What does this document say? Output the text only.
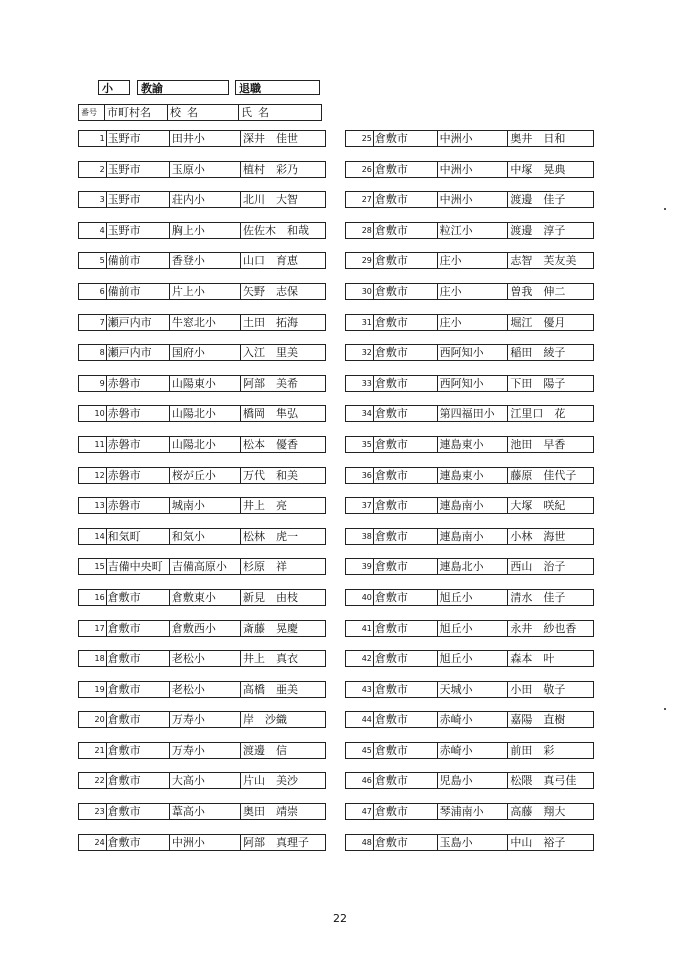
小	教諭	退職
番号 市町村名	校名	氏名
1 玉野市	田井小	深井　佳世
2 玉野市	玉原小	植村　彩乃
3 玉野市	荘内小	北川　大智
4 玉野市	胸上小	佐佐木　和哉
5 備前市	香登小	山口　育恵
6 備前市	片上小	矢野　志保
7 瀬戸内市	牛窓北小	土田　拓海
8 瀬戸内市	国府小	入江　里美
9 赤磐市	山陽東小	阿部　美希
10 赤磐市	山陽北小	橋岡　隼弘
11 赤磐市	山陽北小	松本　優香
12 赤磐市	桜が丘小	万代　和美
13 赤磐市	城南小	井上　亮
14 和気町	和気小	松林　虎一
15 吉備中央町 吉備高原小	杉原　祥
16 倉敷市	倉敷東小	新見　由枝
17 倉敷市	倉敷西小	斎藤　晃慶
18 倉敷市	老松小	井上　真衣
19 倉敷市	老松小	高橋　亜美
20 倉敷市	万寿小	岸　沙織
21 倉敷市	万寿小	渡邊　信
22 倉敷市	大高小	片山　美沙
23 倉敷市	葦高小	奥田　靖崇
24 倉敷市	中洲小	阿部　真理子
25 倉敷市	中洲小	奥井　日和
26 倉敷市	中洲小	中塚　晃典
27 倉敷市	中洲小	渡邊　佳子
28 倉敷市	粒江小	渡邊　淳子
29 倉敷市	庄小	志智　芙友美
30 倉敷市	庄小	曽我　伸二
31 倉敷市	庄小	堀江　優月
32 倉敷市	西阿知小	稲田　綾子
33 倉敷市	西阿知小	下田　陽子
34 倉敷市	第四福田小	江里口　花
35 倉敷市	連島東小	池田　早香
36 倉敷市	連島東小	藤原　佳代子
37 倉敷市	連島南小	大塚　咲紀
38 倉敷市	連島南小	小林　海世
39 倉敷市	連島北小	西山　治子
40 倉敷市	旭丘小	清水　佳子
41 倉敷市	旭丘小	永井　紗也香
42 倉敷市	旭丘小	森本　叶
43 倉敷市	天城小	小田　敬子
44 倉敷市	赤崎小	嘉陽　直樹
45 倉敷市	赤崎小	前田　彩
46 倉敷市	児島小	松隈　真弓佳
47 倉敷市	琴浦南小	高藤　翔大
48 倉敷市	玉島小	中山　裕子
22
